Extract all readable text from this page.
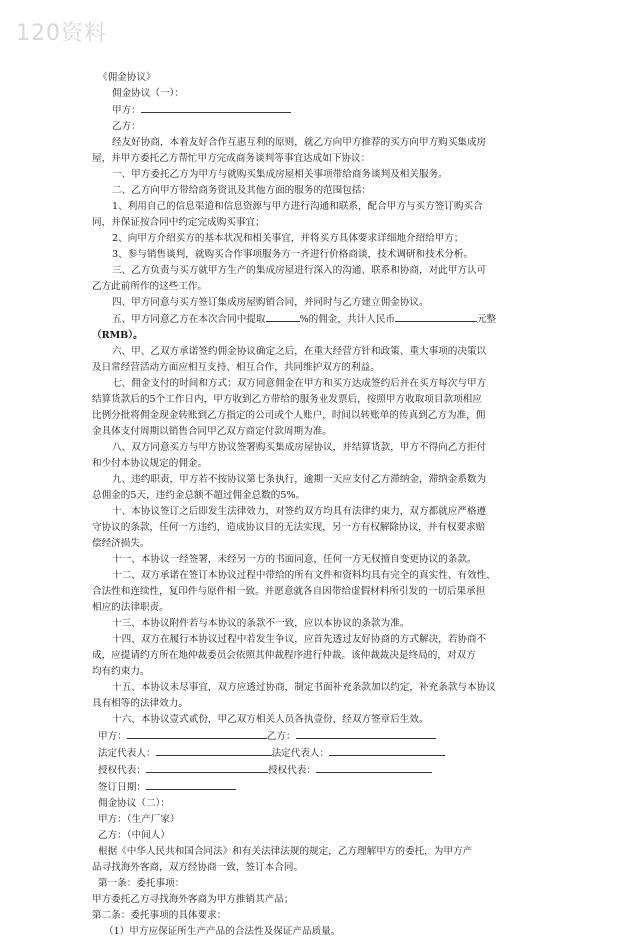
120资料
《佣金协议》
佣金协议（一）：
甲方：
乙方：
经友好协商，本着友好合作互惠互利的原则，就乙方向甲方推荐的买方向甲方购买集成房
屋，并甲方委托乙方帮忙甲方完成商务谈判等事宜达成如下协议：
一、甲方委托乙方为甲方与就购买集成房屋相关事项带给商务谈判及相关服务。
二、乙方向甲方带给商务资讯及其他方面的服务的范围包括：
1、利用自己的信息渠道和信息资源与甲方进行沟通和联系，配合甲方与买方签订购买合
同，并保证按合同中约定完成购买事宜；
2、向甲方介绍买方的基本状况和相关事宜，并将买方具体要求详细地介绍给甲方；
3、参与销售谈判，就购买合作事项服务方一齐进行价格商谈，技术调研和技术分析。
三、乙方负责与买方就甲方生产的集成房屋进行深入的沟通、联系和协商，对此甲方认可
乙方此前所作的这些工作。
四、甲方同意与买方签订集成房屋购销合同，并同时与乙方建立佣金协议。
五、甲方同意乙方在本次合同中提取	%的佣金，共计人民币	元整
（RMB）。
六、甲、乙双方承诺签约佣金协议确定之后，在重大经营方针和政策、重大事项的决策以
及日常经营活动方面应相互支持、相互合作，共同维护双方的利益。
七、佣金支付的时间和方式：双方同意佣金在甲方和买方达成签约后并在买方每次与甲方
结算货款后的5个工作日内，甲方收到乙方带给的服务业发票后，按照甲方收取项目款项相应
比例分批将佣金现金转账到乙方指定的公司或个人账户，时间以转账单的传真到乙方为准，佣
金具体支付周期以销售合同甲乙双方商定付款周期为准。
八、双方同意买方与甲方协议签署购买集成房屋协议，并结算货款，甲方不得向乙方拒付
和少付本协议规定的佣金。
九、违约职责，甲方若不按协议第七条执行，逾期一天应支付乙方滞纳金，滞纳金系数为
总佣金的5天，违约金总额不超过佣金总数的5%。
十、本协议签订之后即发生法律效力，对签约双方均具有法律约束力，双方都就应严格遵
守协议的条款，任何一方违约，造成协议目的无法实现，另一方有权解除协议，并有权要求赔
偿经济损失。
十一、本协议一经签署，未经另一方的书面同意，任何一方无权擅自变更协议的条款。
十二、双方承诺在签订本协议过程中带给的所有文件和资料均具有完全的真实性、有效性、
合法性和连续性，复印件与原件相一致。并愿意就各自因带给虚假材料所引发的一切后果承担
相应的法律职责。
十三、本协议附件若与本协议的条款不一致，应以本协议的条款为准。
十四、双方在履行本协议过程中若发生争议，应首先透过友好协商的方式解决，若协商不
成，应提请约方所在地仲裁委员会依照其仲裁程序进行仲裁。该仲裁裁决是终局的，对双方
均有约束力。
十五、本协议未尽事宜，双方应透过协商，制定书面补充条款加以约定，补充条款与本协议
具有相等的法律效力。
十六、本协议壹式贰份，甲乙双方相关人员各执壹份，经双方签章后生效。
甲方：	乙方：
法定代表人：	法定代表人：
授权代表：	授权代表：
签订日期：
佣金协议（二）：
甲方：（生产厂家）
乙方：（中间人）
根据《中华人民共和国合同法》和有关法律法规的规定，乙方理解甲方的委托，为甲方产
品寻找海外客商，双方经协商一致，签订本合同。
第一条：委托事项：
甲方委托乙方寻找海外客商为甲方推销其产品；
第二条：委托事项的具体要求：
（1）甲方应保证所生产产品的合法性及保证产品质量。
